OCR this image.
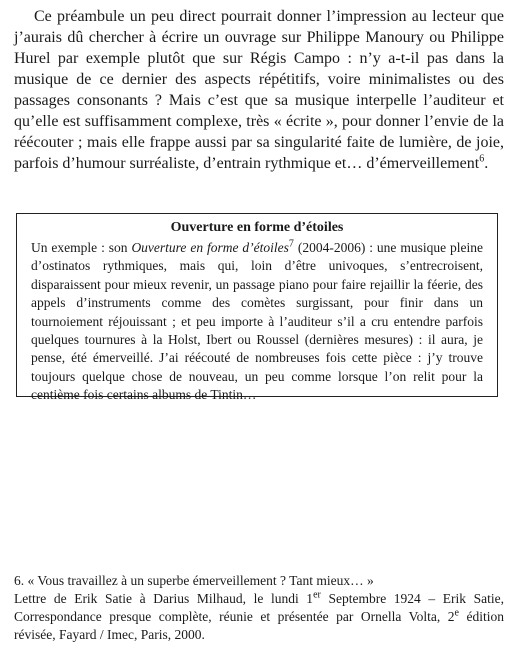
Ce préambule un peu direct pourrait donner l’impression au lecteur que j’aurais dû chercher à écrire un ouvrage sur Philippe Manoury ou Philippe Hurel par exemple plutôt que sur Régis Campo : n’y a-t-il pas dans la musique de ce dernier des aspects répétitifs, voire minimalistes ou des passages consonants ? Mais c’est que sa musique interpelle l’auditeur et qu’elle est suffisamment complexe, très « écrite », pour donner l’envie de la réécouter ; mais elle frappe aussi par sa singularité faite de lumière, de joie, parfois d’humour surréaliste, d’entrain rythmique et… d’émerveillement$^6$.

Ouverture en forme d’étoiles

Un exemple : son Ouverture en forme d’étoiles$^7$ (2004-2006) : une musique pleine d’ostinatos rythmiques, mais qui, loin d’être univoques, s’entrecroisent, disparaissent pour mieux revenir, un passage piano pour faire rejaillir la féerie, des appels d’instruments comme des comètes surgissant, pour finir dans un tournoiement réjouissant ; et peu importe à l’auditeur s’il a cru entendre parfois quelques tournures à la Holst, Ibert ou Roussel (dernières mesures) : il aura, je pense, été émerveillé. J’ai réécouté de nombreuses fois cette pièce : j’y trouve toujours quelque chose de nouveau, un peu comme lorsque l’on relit pour la centième fois certains albums de Tintin…

6. « Vous travaillez à un superbe émerveillement ? Tant mieux… »
Lettre de Erik Satie à Darius Milhaud, le lundi 1er Septembre 1924 – Erik Satie, Correspondance presque complète, réunie et présentée par Ornella Volta, 2e édition révisée, Fayard / Imec, Paris, 2000.
